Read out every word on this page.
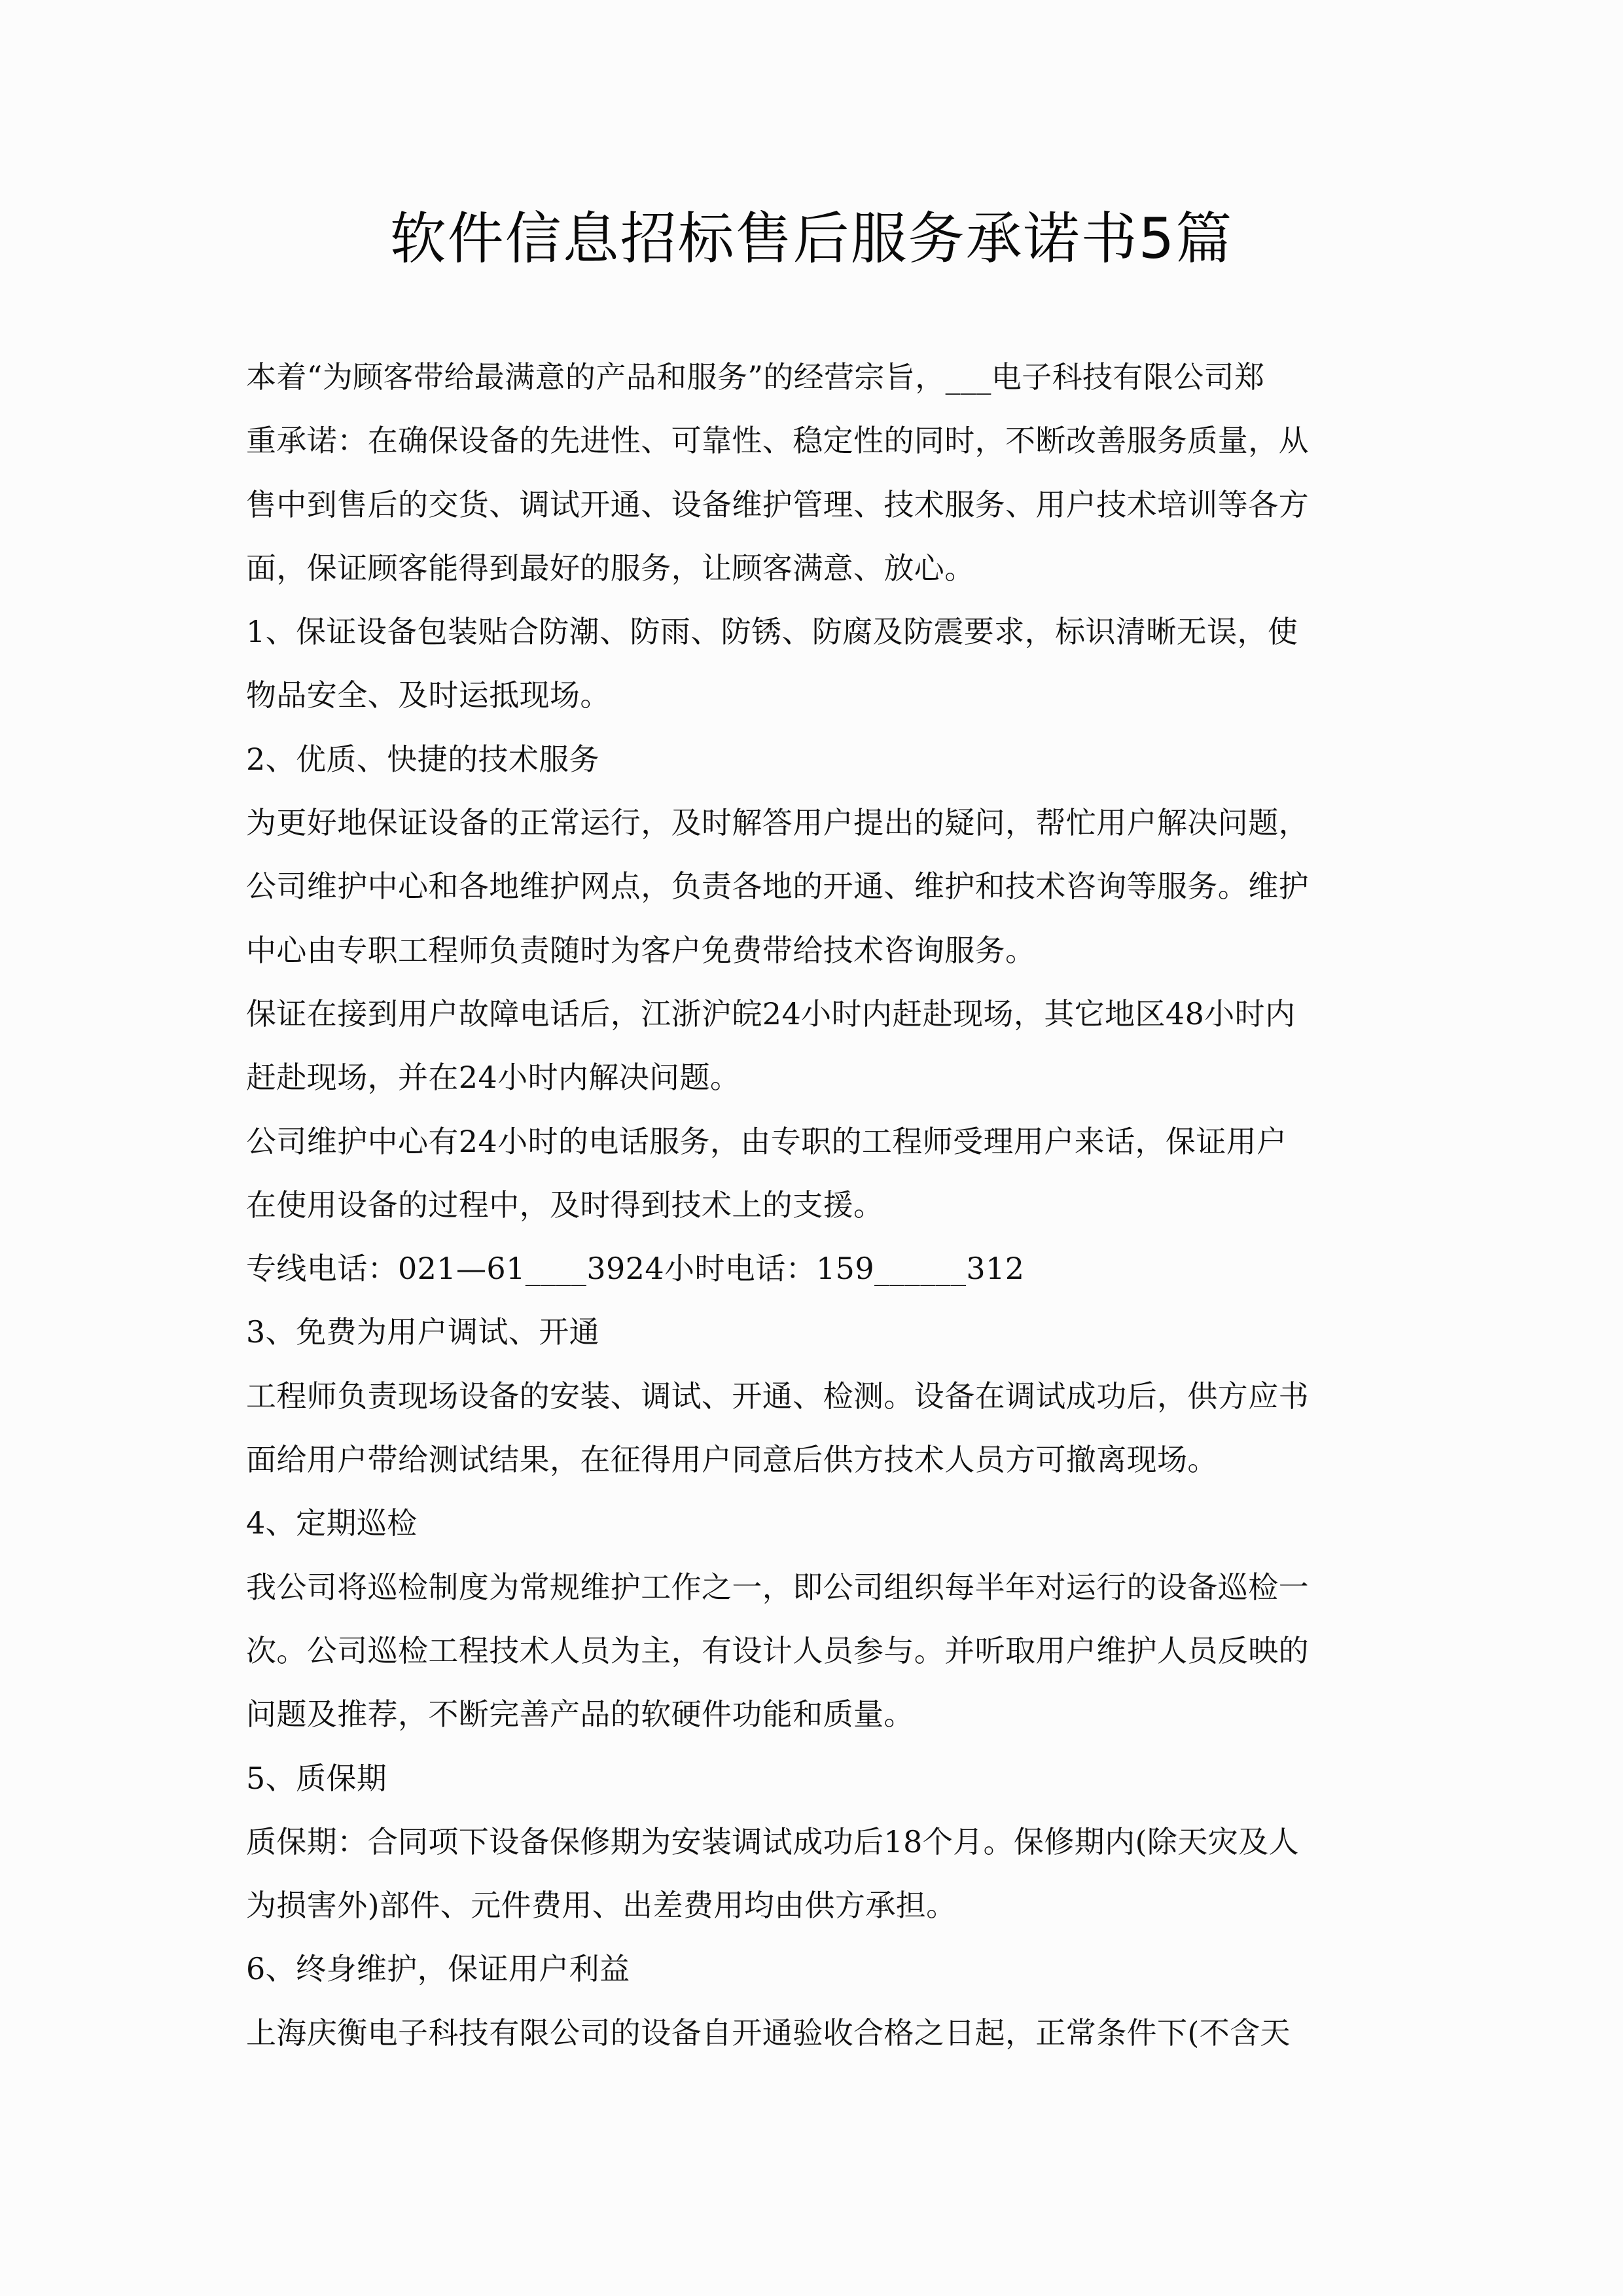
软件信息招标售后服务承诺书5篇
本着“为顾客带给最满意的产品和服务”的经营宗旨，___电子科技有限公司郑
重承诺：在确保设备的先进性、可靠性、稳定性的同时，不断改善服务质量，从
售中到售后的交货、调试开通、设备维护管理、技术服务、用户技术培训等各方
面，保证顾客能得到最好的服务，让顾客满意、放心。
1、保证设备包装贴合防潮、防雨、防锈、防腐及防震要求，标识清晰无误，使
物品安全、及时运抵现场。
2、优质、快捷的技术服务
为更好地保证设备的正常运行，及时解答用户提出的疑问，帮忙用户解决问题，
公司维护中心和各地维护网点，负责各地的开通、维护和技术咨询等服务。维护
中心由专职工程师负责随时为客户免费带给技术咨询服务。
保证在接到用户故障电话后，江浙沪皖24小时内赶赴现场，其它地区48小时内
赶赴现场，并在24小时内解决问题。
公司维护中心有24小时的电话服务，由专职的工程师受理用户来话，保证用户
在使用设备的过程中，及时得到技术上的支援。
专线电话：021—61____3924小时电话：159______312
3、免费为用户调试、开通
工程师负责现场设备的安装、调试、开通、检测。设备在调试成功后，供方应书
面给用户带给测试结果，在征得用户同意后供方技术人员方可撤离现场。
4、定期巡检
我公司将巡检制度为常规维护工作之一，即公司组织每半年对运行的设备巡检一
次。公司巡检工程技术人员为主，有设计人员参与。并听取用户维护人员反映的
问题及推荐，不断完善产品的软硬件功能和质量。
5、质保期
质保期：合同项下设备保修期为安装调试成功后18个月。保修期内(除天灾及人
为损害外)部件、元件费用、出差费用均由供方承担。
6、终身维护，保证用户利益
上海庆衡电子科技有限公司的设备自开通验收合格之日起，正常条件下(不含天
